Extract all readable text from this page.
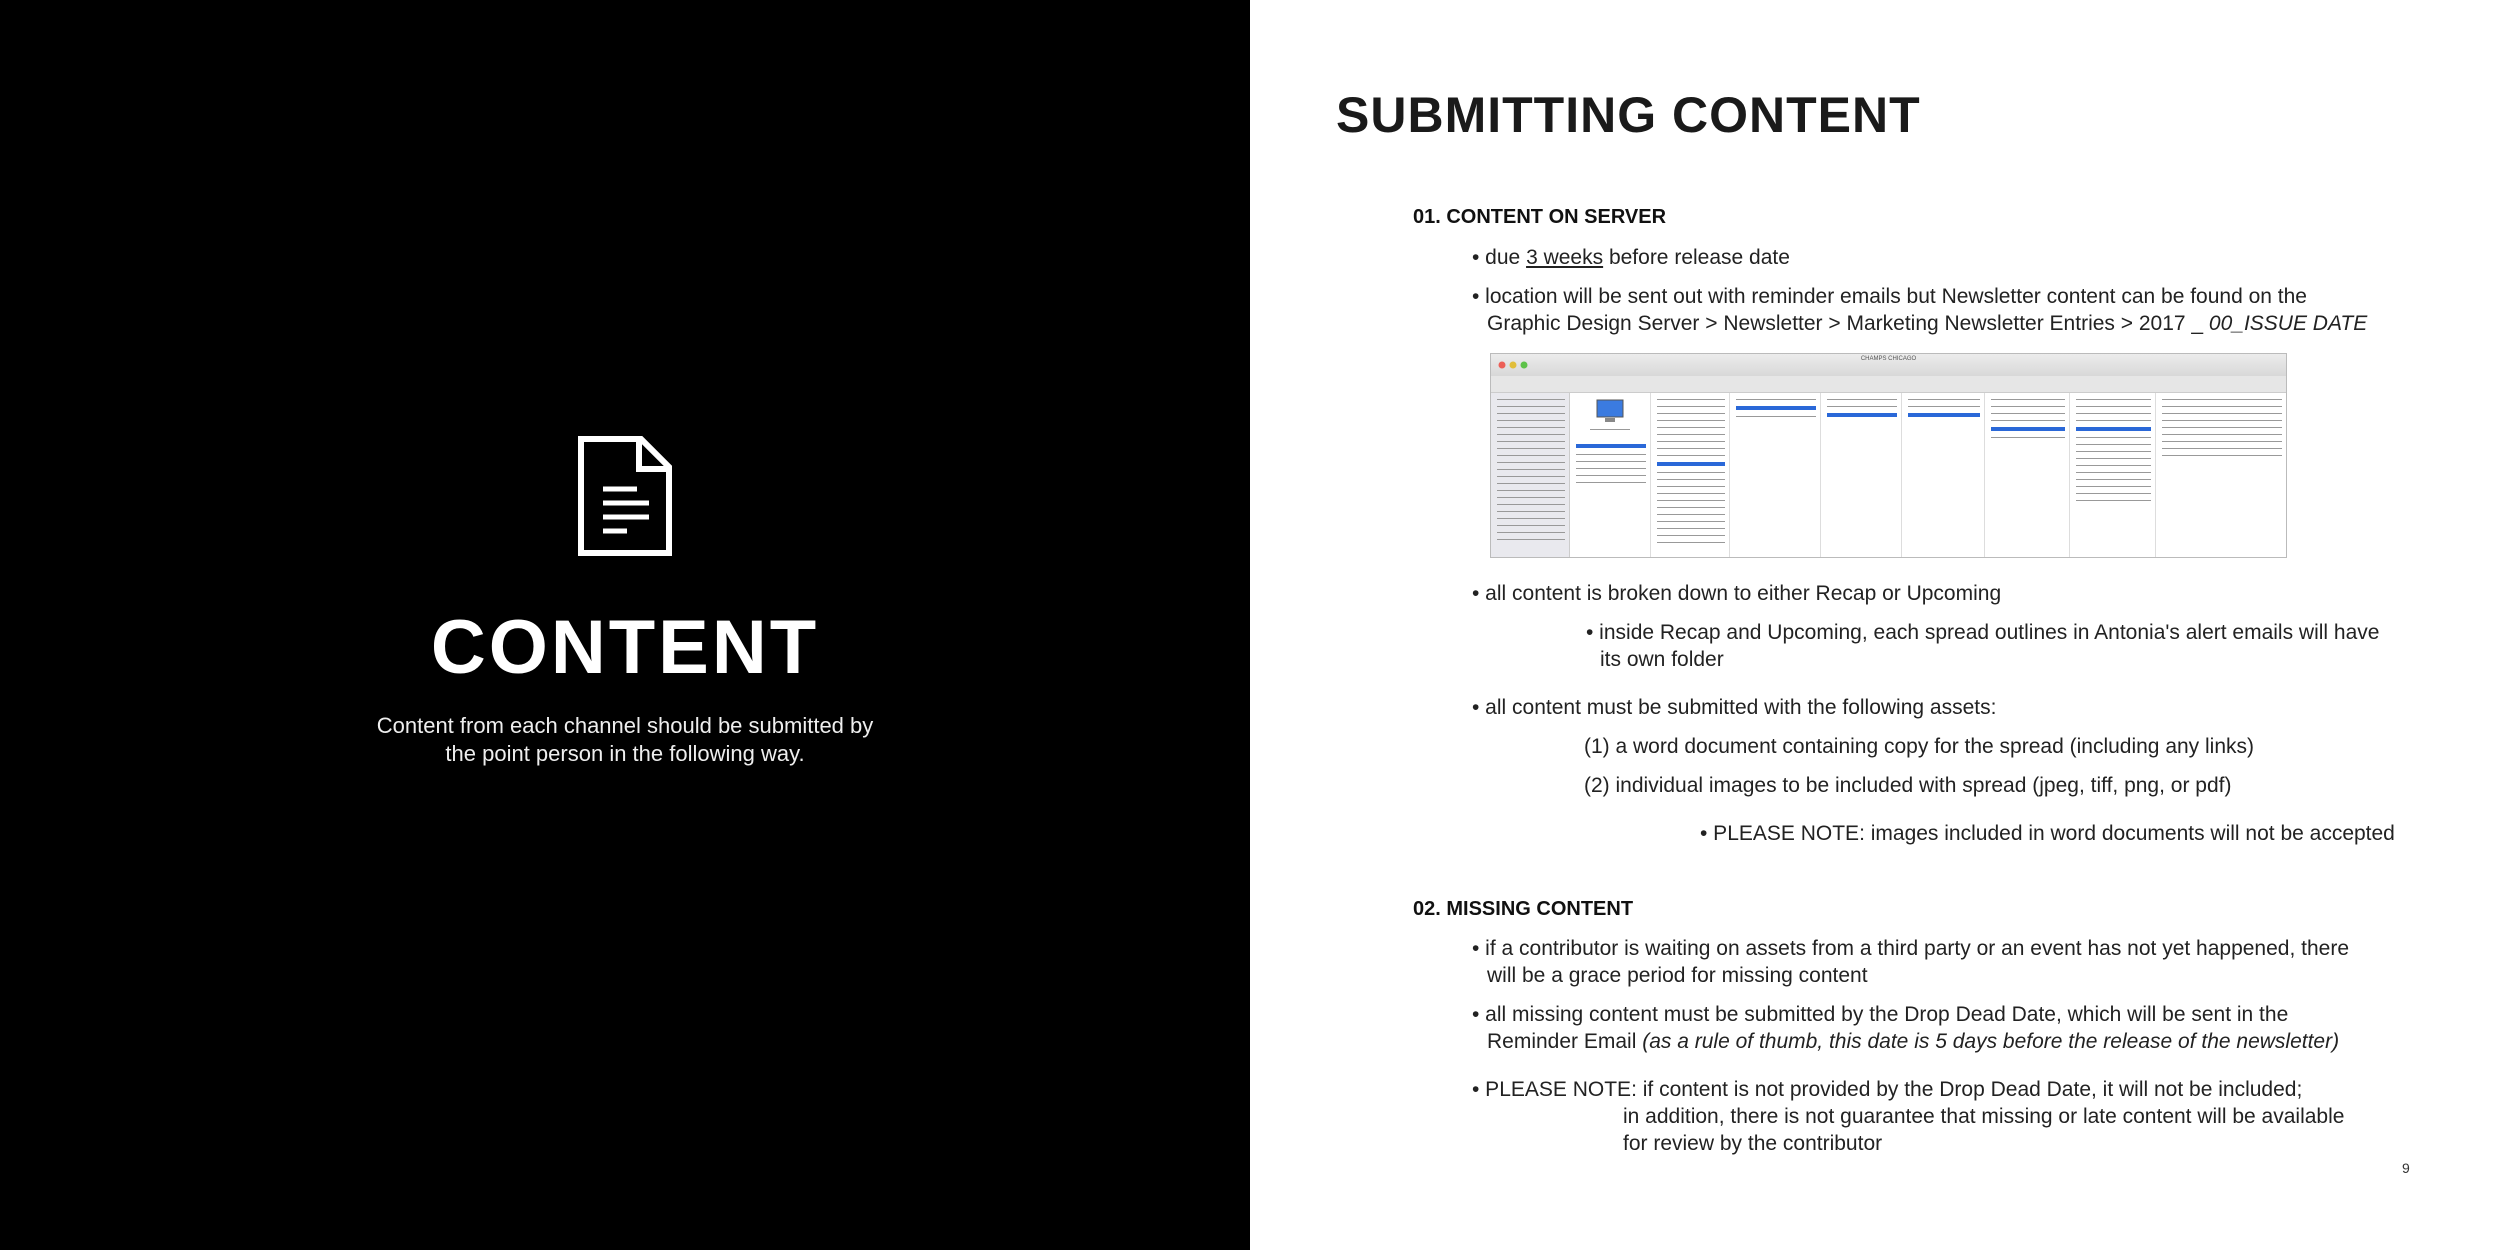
CONTENT
Content from each channel should be submitted by
the point person in the following way.
SUBMITTING CONTENT
01. CONTENT ON SERVER
• due 3 weeks before release date
• location will be sent out with reminder emails but Newsletter content can be found on the
Graphic Design Server > Newsletter > Marketing Newsletter Entries > 2017 _ 00_ISSUE DATE
CHAMPS CHICAGO
• all content is broken down to either Recap or Upcoming
• inside Recap and Upcoming, each spread outlines in Antonia's alert emails will have
its own folder
• all content must be submitted with the following assets:
(1) a word document containing copy for the spread (including any links)
(2) individual images to be included with spread (jpeg, tiff, png, or pdf)
• PLEASE NOTE: images included in word documents will not be accepted
02. MISSING CONTENT
• if a contributor is waiting on assets from a third party or an event has not yet happened, there
will be a grace period for missing content
• all missing content must be submitted by the Drop Dead Date, which will be sent in the
Reminder Email (as a rule of thumb, this date is 5 days before the release of the newsletter)
• PLEASE NOTE: if content is not provided by the Drop Dead Date, it will not be included;
in addition, there is not guarantee that missing or late content will be available
for review by the contributor
9
